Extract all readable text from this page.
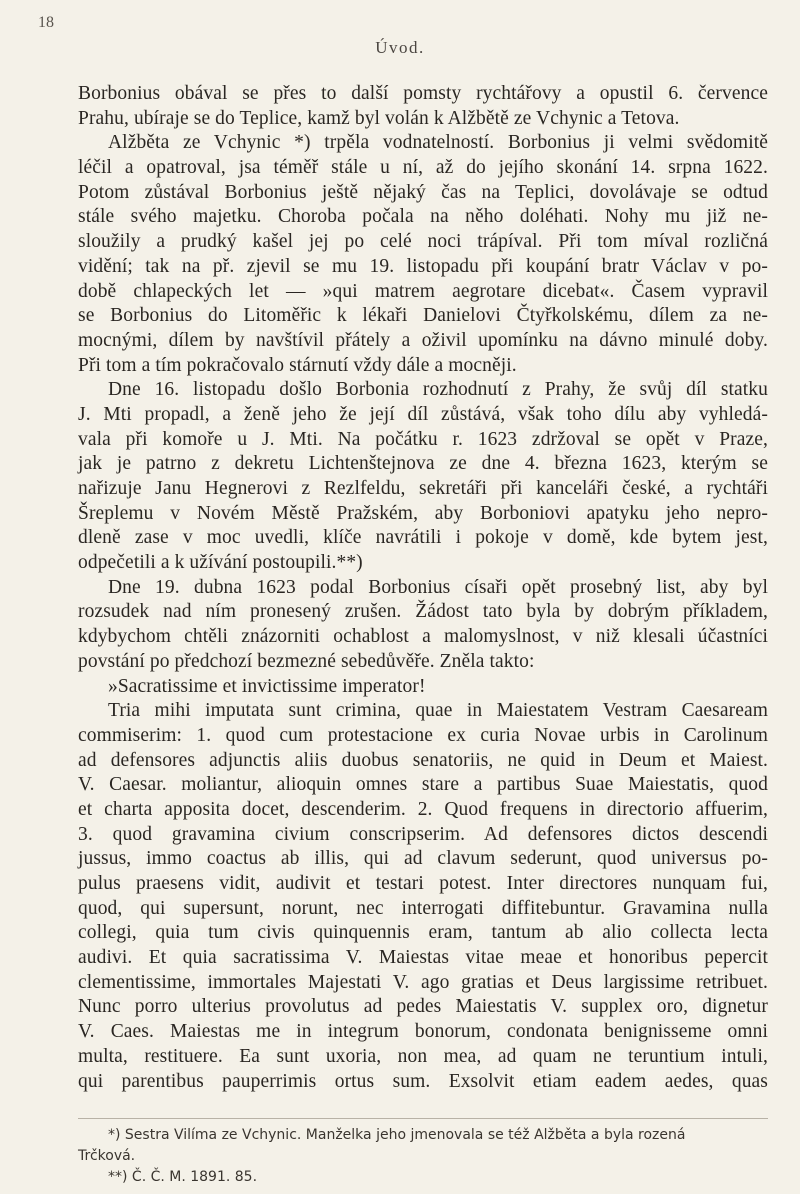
18
Úvod.
Borbonius obával se přes to další pomsty rychtářovy a opustil 6. července
Prahu, ubíraje se do Teplice, kamž byl volán k Alžbětě ze Vchynic a Tetova.
Alžběta ze Vchynic *) trpěla vodnatelností. Borbonius ji velmi svědomitě
léčil a opatroval, jsa téměř stále u ní, až do jejího skonání 14. srpna 1622.
Potom zůstával Borbonius ještě nějaký čas na Teplici, dovolávaje se odtud
stále svého majetku. Choroba počala na něho doléhati. Nohy mu již ne-
sloužily a prudký kašel jej po celé noci trápíval. Při tom míval rozličná
vidění; tak na př. zjevil se mu 19. listopadu při koupání bratr Václav v po-
době chlapeckých let — »qui matrem aegrotare dicebat«. Časem vypravil
se Borbonius do Litoměřic k lékaři Danielovi Čtyřkolskému, dílem za ne-
mocnými, dílem by navštívil přátely a oživil upomínku na dávno minulé doby.
Při tom a tím pokračovalo stárnutí vždy dále a mocněji.
Dne 16. listopadu došlo Borbonia rozhodnutí z Prahy, že svůj díl statku
J. Mti propadl, a ženě jeho že její díl zůstává, však toho dílu aby vyhledá-
vala při komoře u J. Mti. Na počátku r. 1623 zdržoval se opět v Praze,
jak je patrno z dekretu Lichtenštejnova ze dne 4. března 1623, kterým se
nařizuje Janu Hegnerovi z Rezlfeldu, sekretáři při kanceláři české, a rychtáři
Šreplemu v Novém Městě Pražském, aby Borboniovi apatyku jeho nepro-
dleně zase v moc uvedli, klíče navrátili i pokoje v domě, kde bytem jest,
odpečetili a k užívání postoupili.**)
Dne 19. dubna 1623 podal Borbonius císaři opět prosebný list, aby byl
rozsudek nad ním pronesený zrušen. Žádost tato byla by dobrým příkladem,
kdybychom chtěli znázorniti ochablost a malomyslnost, v niž klesali účastníci
povstání po předchozí bezmezné sebedůvěře. Zněla takto:
»Sacratissime et invictissime imperator!
Tria mihi imputata sunt crimina, quae in Maiestatem Vestram Caesaream
commiserim: 1. quod cum protestacione ex curia Novae urbis in Carolinum
ad defensores adjunctis aliis duobus senatoriis, ne quid in Deum et Maiest.
V. Caesar. moliantur, alioquin omnes stare a partibus Suae Maiestatis, quod
et charta apposita docet, descenderim. 2. Quod frequens in directorio affuerim,
3. quod gravamina civium conscripserim. Ad defensores dictos descendi
jussus, immo coactus ab illis, qui ad clavum sederunt, quod universus po-
pulus praesens vidit, audivit et testari potest. Inter directores nunquam fui,
quod, qui supersunt, norunt, nec interrogati diffitebuntur. Gravamina nulla
collegi, quia tum civis quinquennis eram, tantum ab alio collecta lecta
audivi. Et quia sacratissima V. Maiestas vitae meae et honoribus pepercit
clementissime, immortales Majestati V. ago gratias et Deus largissime retribuet.
Nunc porro ulterius provolutus ad pedes Maiestatis V. supplex oro, dignetur
V. Caes. Maiestas me in integrum bonorum, condonata benignisseme omni
multa, restituere. Ea sunt uxoria, non mea, ad quam ne teruntium intuli,
qui parentibus pauperrimis ortus sum. Exsolvit etiam eadem aedes, quas
*) Sestra Vilíma ze Vchynic. Manželka jeho jmenovala se též Alžběta a byla rozená
Trčková.
**) Č. Č. M. 1891. 85.
